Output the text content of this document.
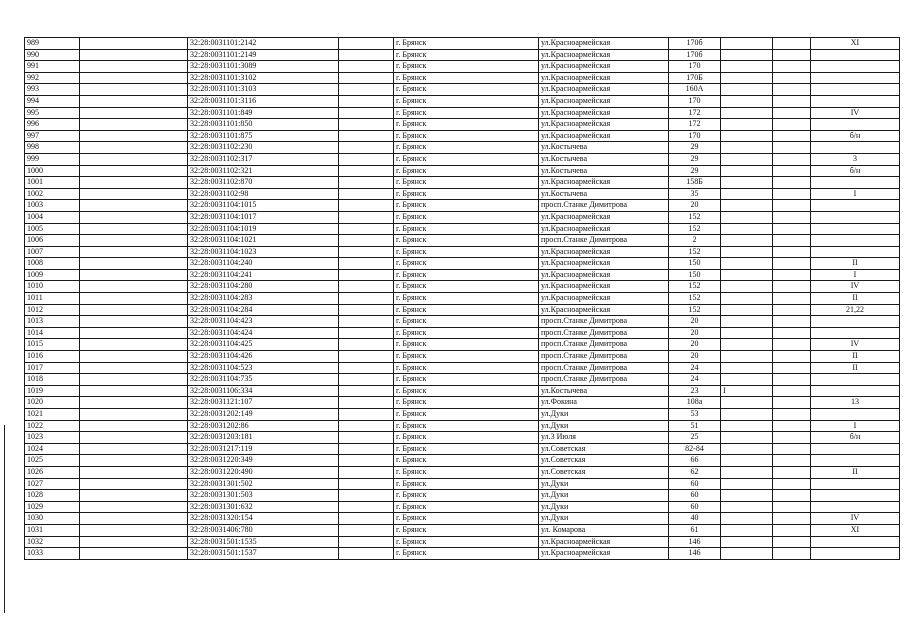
989		32:28:0031101:2142		г. Брянск	ул.Красноармейская	170б			XI
990		32:28:0031101:2149		г. Брянск	ул.Красноармейская	170б			
991		32:28:0031101:3089		г. Брянск	ул.Красноармейская	170			
992		32:28:0031101:3102		г. Брянск	ул.Красноармейская	170Б			
993		32:28:0031101:3103		г. Брянск	ул.Красноармейская	160А			
994		32:28:0031101:3116		г. Брянск	ул.Красноармейская	170			
995		32:28:0031101:849		г. Брянск	ул.Красноармейская	172			IV
996		32:28:0031101:850		г. Брянск	ул.Красноармейская	172			
997		32:28:0031101:875		г. Брянск	ул.Красноармейская	170			б/н
998		32:28:0031102:230		г. Брянск	ул.Костычева	29			
999		32:28:0031102:317		г. Брянск	ул.Костычева	29			3
1000		32:28:0031102:321		г. Брянск	ул.Костычева	29			б/н
1001		32:28:0031102:870		г. Брянск	ул.Красноармейская	158Б			
1002		32:28:0031102:98		г. Брянск	ул.Костычева	35			I
1003		32:28:0031104:1015		г. Брянск	просп.Станке Димитрова	20			
1004		32:28:0031104:1017		г. Брянск	ул.Красноармейская	152			
1005		32:28:0031104:1019		г. Брянск	ул.Красноармейская	152			
1006		32:28:0031104:1021		г. Брянск	просп.Станке Димитрова	2			
1007		32:28:0031104:1023		г. Брянск	ул.Красноармейская	152			
1008		32:28:0031104:240		г. Брянск	ул.Красноармейская	150			II
1009		32:28:0031104:241		г. Брянск	ул.Красноармейская	150			I
1010		32:28:0031104:280		г. Брянск	ул.Красноармейская	152			IV
1011		32:28:0031104:283		г. Брянск	ул.Красноармейская	152			II
1012		32:28:0031104:284		г. Брянск	ул.Красноармейская	152			21,22
1013		32:28:0031104:423		г. Брянск	просп.Станке Димитрова	20			
1014		32:28:0031104:424		г. Брянск	просп.Станке Димитрова	20			
1015		32:28:0031104:425		г. Брянск	просп.Станке Димитрова	20			IV
1016		32:28:0031104:426		г. Брянск	просп.Станке Димитрова	20			II
1017		32:28:0031104:523		г. Брянск	просп.Станке Димитрова	24			II
1018		32:28:0031104:735		г. Брянск	просп.Станке Димитрова	24			
1019		32:28:0031106:334		г. Брянск	ул.Костычева	23	I		
1020		32:28:0031121:107		г. Брянск	ул.Фокина	108а			13
1021		32:28:0031202:149		г. Брянск	ул.Дуки	53			
1022		32:28:0031202:86		г. Брянск	ул.Дуки	51			I
1023		32:28:0031203:181		г. Брянск	ул.3 Июля	25			б/н
1024		32:28:0031217:119		г. Брянск	ул.Советская	82-84			
1025		32:28:0031220:349		г. Брянск	ул.Советская	66			
1026		32:28:0031220:490		г. Брянск	ул.Советская	62			II
1027		32:28:0031301:502		г. Брянск	ул.Дуки	60			
1028		32:28:0031301:503		г. Брянск	ул.Дуки	60			
1029		32:28:0031301:632		г. Брянск	ул.Дуки	60			
1030		32:28:0031320:154		г. Брянск	ул.Дуки	40			IV
1031		32:28:0031406:780		г. Брянск	ул. Комарова	61			XI
1032		32:28:0031501:1535		г. Брянск	ул.Красноармейская	146			
1033		32:28:0031501:1537		г. Брянск	ул.Красноармейская	146			
